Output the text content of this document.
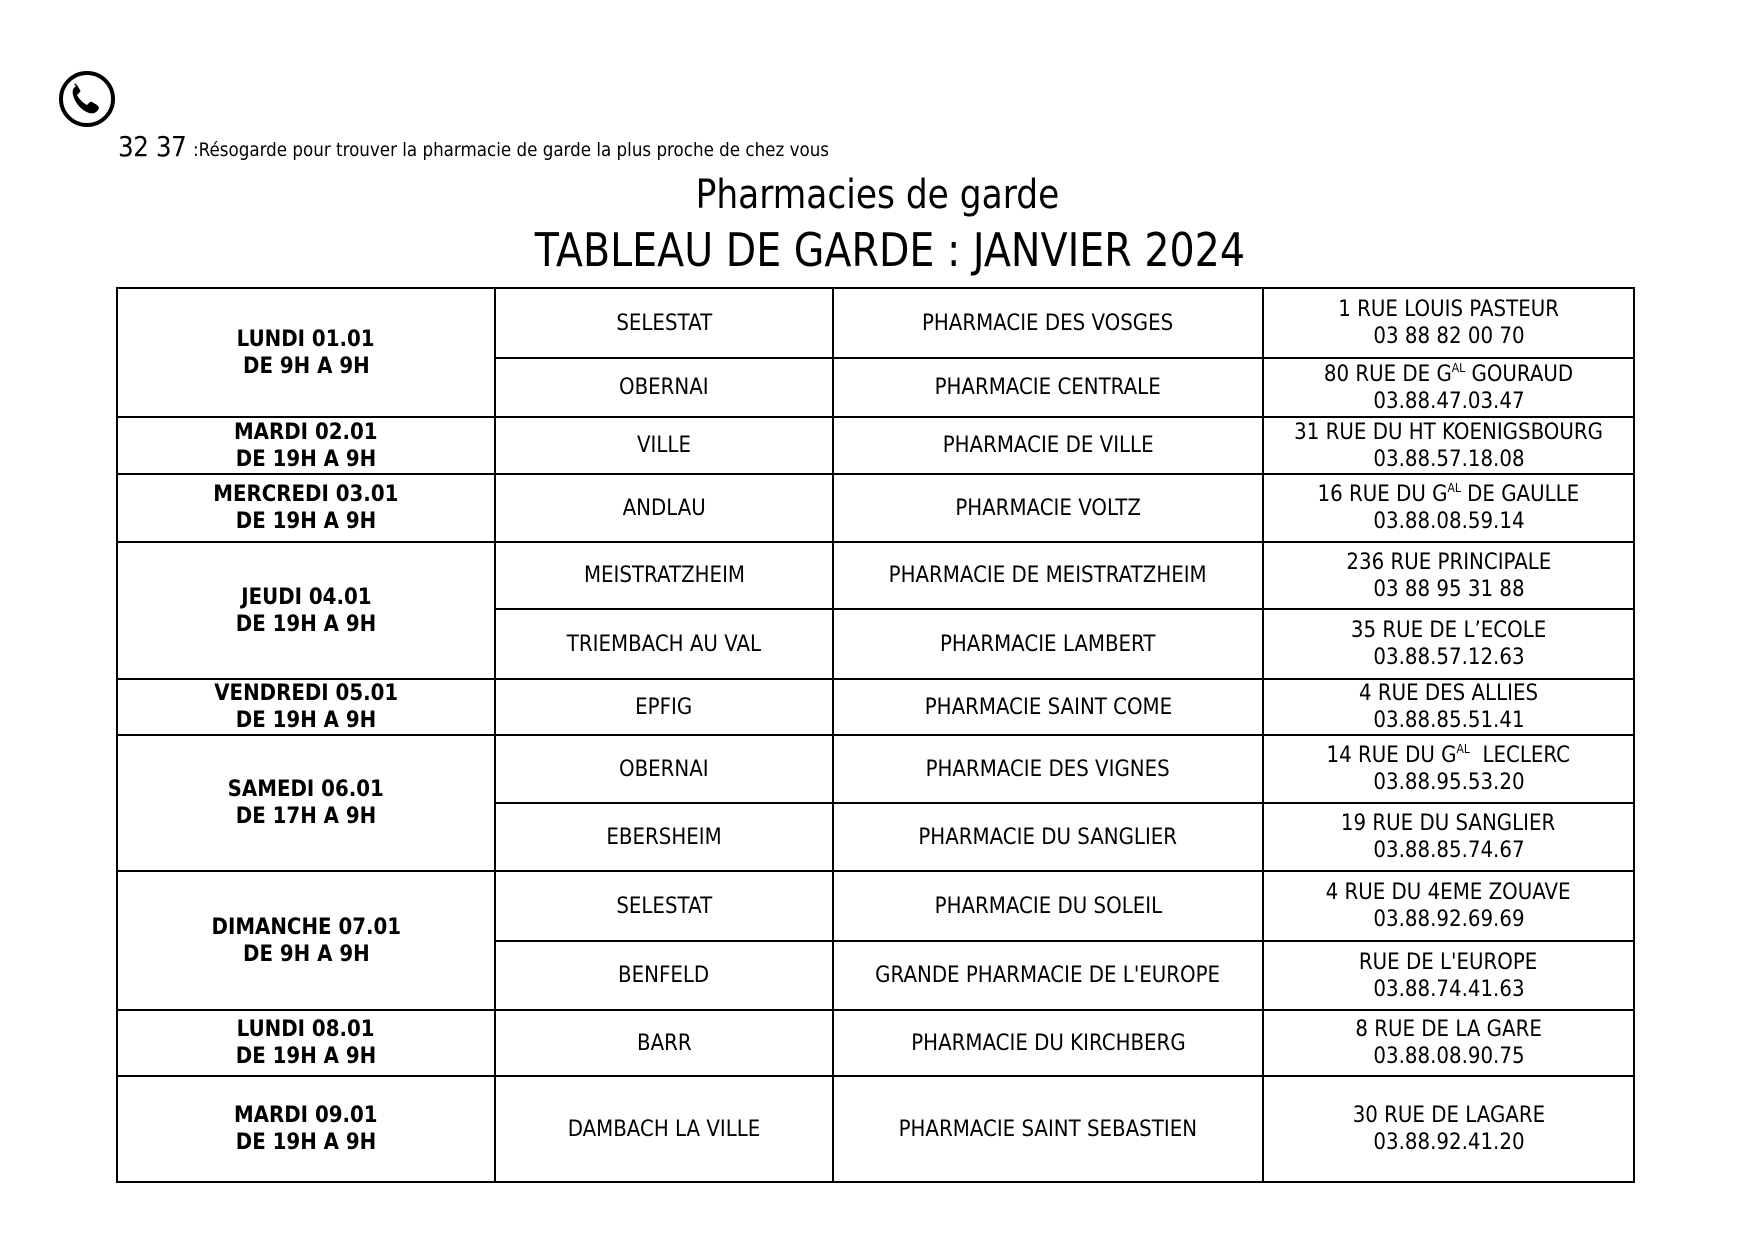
32 37 :Résogarde pour trouver la pharmacie de garde la plus proche de chez vous
Pharmacies de garde
TABLEAU DE GARDE : JANVIER 2024
LUNDI 01.01
DE 9H A 9H	SELESTAT	PHARMACIE DES VOSGES	1 RUE LOUIS PASTEUR
03 88 82 00 70
	OBERNAI	PHARMACIE CENTRALE	80 RUE DE $G^{AL}$ GOURAUD
03.88.47.03.47
MARDI 02.01
DE 19H A 9H	VILLE	PHARMACIE DE VILLE	31 RUE DU HT KOENIGSBOURG
03.88.57.18.08
MERCREDI 03.01
DE 19H A 9H	ANDLAU	PHARMACIE VOLTZ	16 RUE DU $G^{AL}$ DE GAULLE
03.88.08.59.14
JEUDI 04.01
DE 19H A 9H	MEISTRATZHEIM	PHARMACIE DE MEISTRATZHEIM	236 RUE PRINCIPALE
03 88 95 31 88
	TRIEMBACH AU VAL	PHARMACIE LAMBERT	35 RUE DE L’ECOLE
03.88.57.12.63
VENDREDI 05.01
DE 19H A 9H	EPFIG	PHARMACIE SAINT COME	4 RUE DES ALLIES
03.88.85.51.41
SAMEDI 06.01
DE 17H A 9H	OBERNAI	PHARMACIE DES VIGNES	14 RUE DU $G^{AL}$  LECLERC
03.88.95.53.20
	EBERSHEIM	PHARMACIE DU SANGLIER	19 RUE DU SANGLIER
03.88.85.74.67
DIMANCHE 07.01
DE 9H A 9H	SELESTAT	PHARMACIE DU SOLEIL	4 RUE DU 4EME ZOUAVE
03.88.92.69.69
	BENFELD	GRANDE PHARMACIE DE L'EUROPE	RUE DE L'EUROPE
03.88.74.41.63
LUNDI 08.01
DE 19H A 9H	BARR	PHARMACIE DU KIRCHBERG	8 RUE DE LA GARE
03.88.08.90.75
MARDI 09.01
DE 19H A 9H	DAMBACH LA VILLE	PHARMACIE SAINT SEBASTIEN	30 RUE DE LAGARE
03.88.92.41.20
